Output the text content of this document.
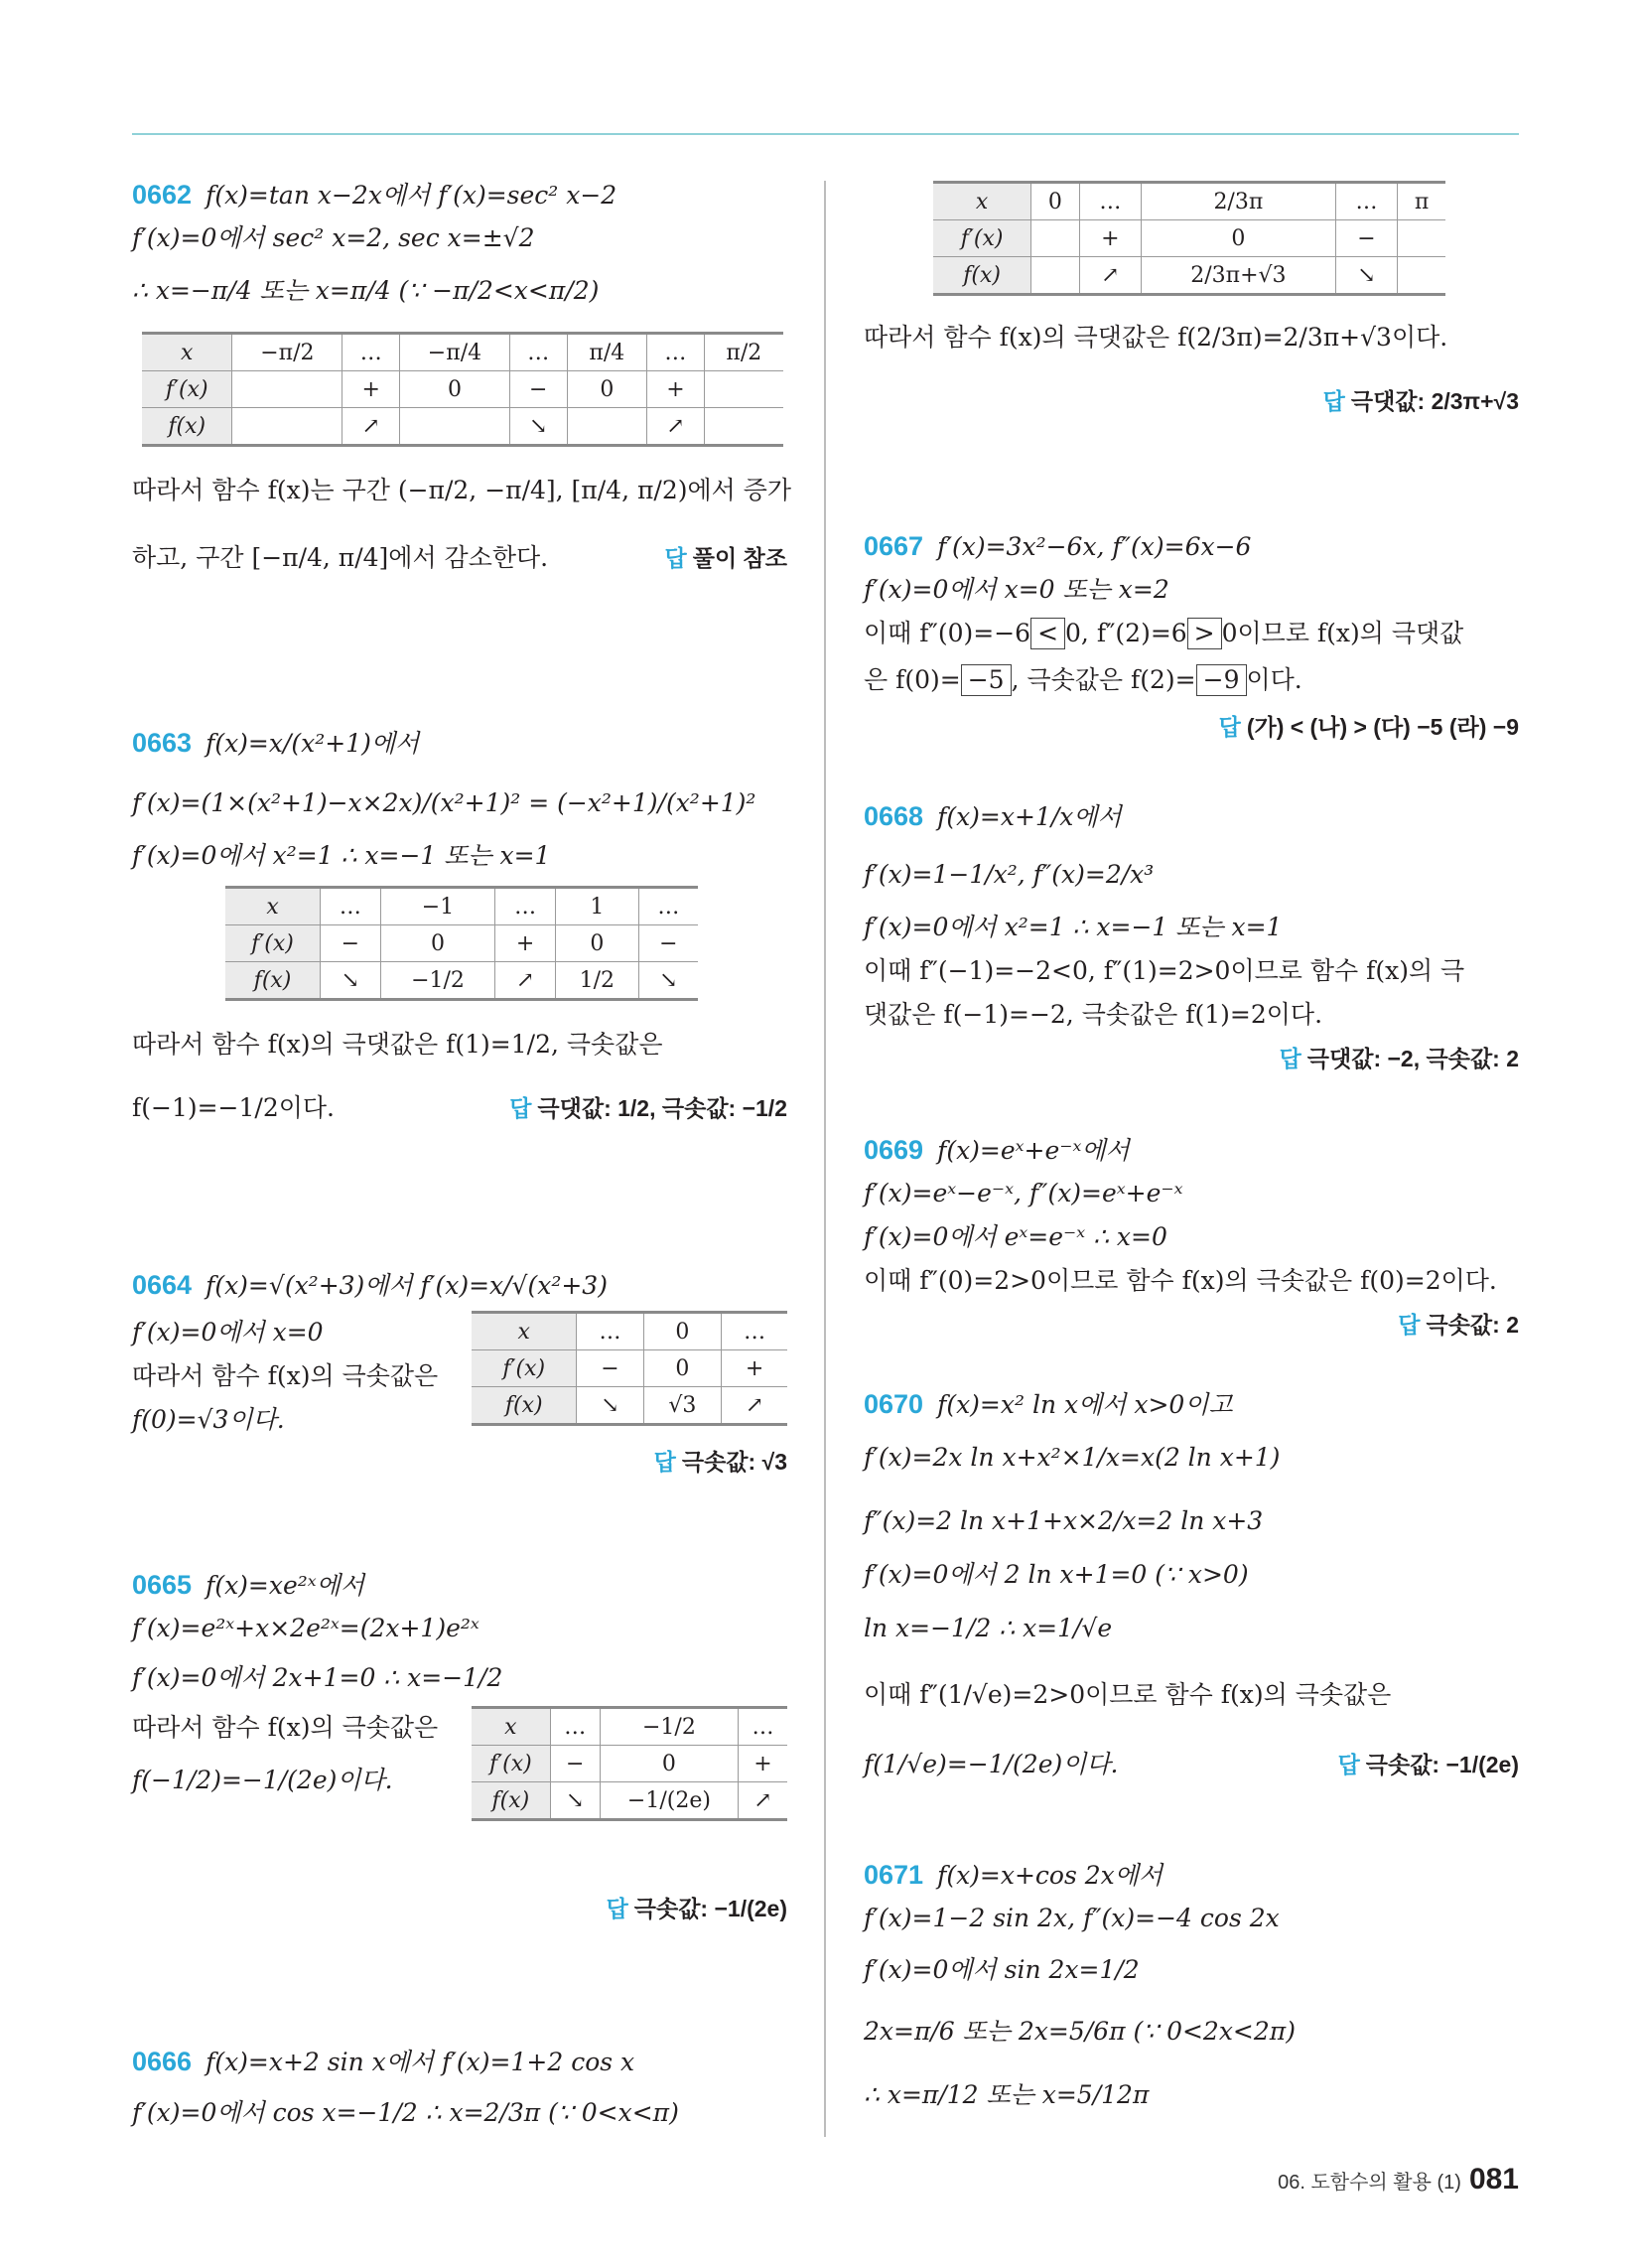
0662 f(x)=tan x−2x에서 f′(x)=sec² x−2
f′(x)=0에서 sec² x=2, sec x=±√2
∴ x=−π/4 또는 x=π/4 (∵ −π/2<x<π/2)
x	−π/2	…	−π/4	…	π/4	…	π/2
f′(x)		+	0	−	0	+	
f(x)		↗		↘		↗	
따라서 함수 f(x)는 구간 (−π/2, −π/4], [π/4, π/2)에서 증가
하고, 구간 [−π/4, π/4]에서 감소한다.	답 풀이 참조
0663 f(x)=x/(x²+1)에서
f′(x)=(1×(x²+1)−x×2x)/(x²+1)² = (−x²+1)/(x²+1)²
f′(x)=0에서 x²=1 ∴ x=−1 또는 x=1
x	…	−1	…	1	…
f′(x)	−	0	+	0	−
f(x)	↘	−1/2	↗	1/2	↘
따라서 함수 f(x)의 극댓값은 f(1)=1/2, 극솟값은
f(−1)=−1/2이다.	답 극댓값: 1/2, 극솟값: −1/2
0664 f(x)=√(x²+3)에서 f′(x)=x/√(x²+3)
f′(x)=0에서 x=0
따라서 함수 f(x)의 극솟값은
f(0)=√3이다.
x	…	0	…
f′(x)	−	0	+
f(x)	↘	√3	↗
답 극솟값: √3
0665 f(x)=xe²ˣ에서
f′(x)=e²ˣ+x×2e²ˣ=(2x+1)e²ˣ
f′(x)=0에서 2x+1=0 ∴ x=−1/2
따라서 함수 f(x)의 극솟값은
f(−1/2)=−1/(2e)이다.
x	…	−1/2	…
f′(x)	−	0	+
f(x)	↘	−1/(2e)	↗
답 극솟값: −1/(2e)
0666 f(x)=x+2 sin x에서 f′(x)=1+2 cos x
f′(x)=0에서 cos x=−1/2 ∴ x=2/3π (∵ 0<x<π)
x	0	…	2/3π	…	π
f′(x)		+	0	−	
f(x)		↗	2/3π+√3	↘	
따라서 함수 f(x)의 극댓값은 f(2/3π)=2/3π+√3이다.
답 극댓값: 2/3π+√3
0667 f′(x)=3x²−6x, f″(x)=6x−6
f′(x)=0에서 x=0 또는 x=2
이때 f″(0)=−6 < 0, f″(2)=6 > 0이므로 f(x)의 극댓값
은 f(0)= −5 , 극솟값은 f(2)= −9 이다.
답 (가) < (나) > (다) −5 (라) −9
0668 f(x)=x+1/x에서
f′(x)=1−1/x², f″(x)=2/x³
f′(x)=0에서 x²=1 ∴ x=−1 또는 x=1
이때 f″(−1)=−2<0, f″(1)=2>0이므로 함수 f(x)의 극
댓값은 f(−1)=−2, 극솟값은 f(1)=2이다.
답 극댓값: −2, 극솟값: 2
0669 f(x)=eˣ+e⁻ˣ에서
f′(x)=eˣ−e⁻ˣ, f″(x)=eˣ+e⁻ˣ
f′(x)=0에서 eˣ=e⁻ˣ ∴ x=0
이때 f″(0)=2>0이므로 함수 f(x)의 극솟값은 f(0)=2이다.
답 극솟값: 2
0670 f(x)=x² ln x에서 x>0이고
f′(x)=2x ln x+x²×1/x=x(2 ln x+1)
f″(x)=2 ln x+1+x×2/x=2 ln x+3
f′(x)=0에서 2 ln x+1=0 (∵ x>0)
ln x=−1/2 ∴ x=1/√e
이때 f″(1/√e)=2>0이므로 함수 f(x)의 극솟값은
f(1/√e)=−1/(2e)이다.	답 극솟값: −1/(2e)
0671 f(x)=x+cos 2x에서
f′(x)=1−2 sin 2x, f″(x)=−4 cos 2x
f′(x)=0에서 sin 2x=1/2
2x=π/6 또는 2x=5/6π (∵ 0<2x<2π)
∴ x=π/12 또는 x=5/12π
06. 도함수의 활용 (1) 081
